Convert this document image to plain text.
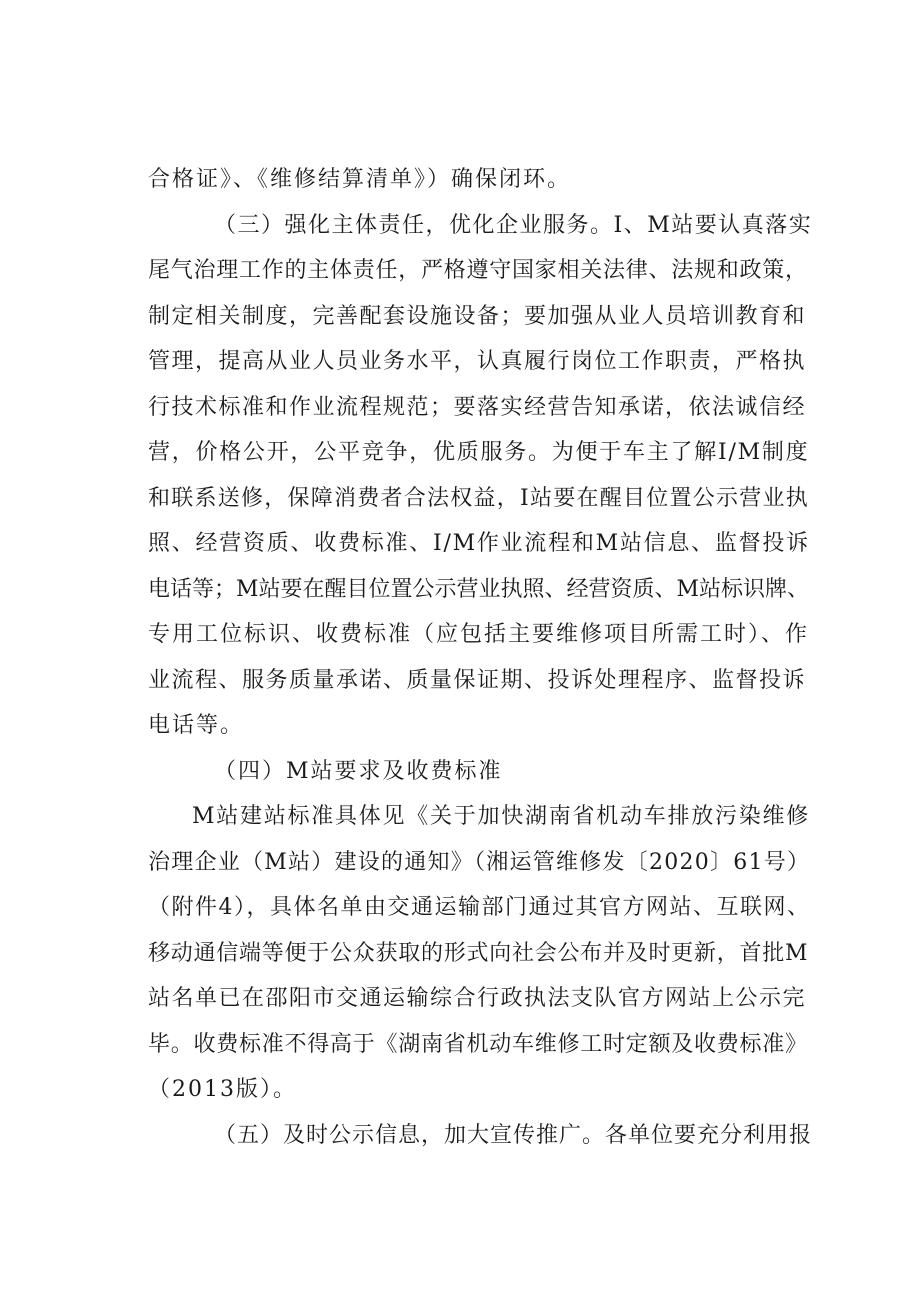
合格证》、《维修结算清单》）确保闭环。
（三）强化主体责任，优化企业服务。I、M站要认真落实
尾气治理工作的主体责任，严格遵守国家相关法律、法规和政策，
制定相关制度，完善配套设施设备；要加强从业人员培训教育和
管理，提高从业人员业务水平，认真履行岗位工作职责，严格执
行技术标准和作业流程规范；要落实经营告知承诺，依法诚信经
营，价格公开，公平竞争，优质服务。为便于车主了解I/M制度
和联系送修，保障消费者合法权益，I站要在醒目位置公示营业执
照、经营资质、收费标准、I/M作业流程和M站信息、监督投诉
电话等；M站要在醒目位置公示营业执照、经营资质、M站标识牌、
专用工位标识、收费标准（应包括主要维修项目所需工时）、作
业流程、服务质量承诺、质量保证期、投诉处理程序、监督投诉
电话等。
（四）M站要求及收费标准
M站建站标准具体见《关于加快湖南省机动车排放污染维修
治理企业（M站）建设的通知》（湘运管维修发〔2020〕61号）
（附件4），具体名单由交通运输部门通过其官方网站、互联网、
移动通信端等便于公众获取的形式向社会公布并及时更新，首批M
站名单已在邵阳市交通运输综合行政执法支队官方网站上公示完
毕。收费标准不得高于《湖南省机动车维修工时定额及收费标准》
（2013版）。
（五）及时公示信息，加大宣传推广。各单位要充分利用报
